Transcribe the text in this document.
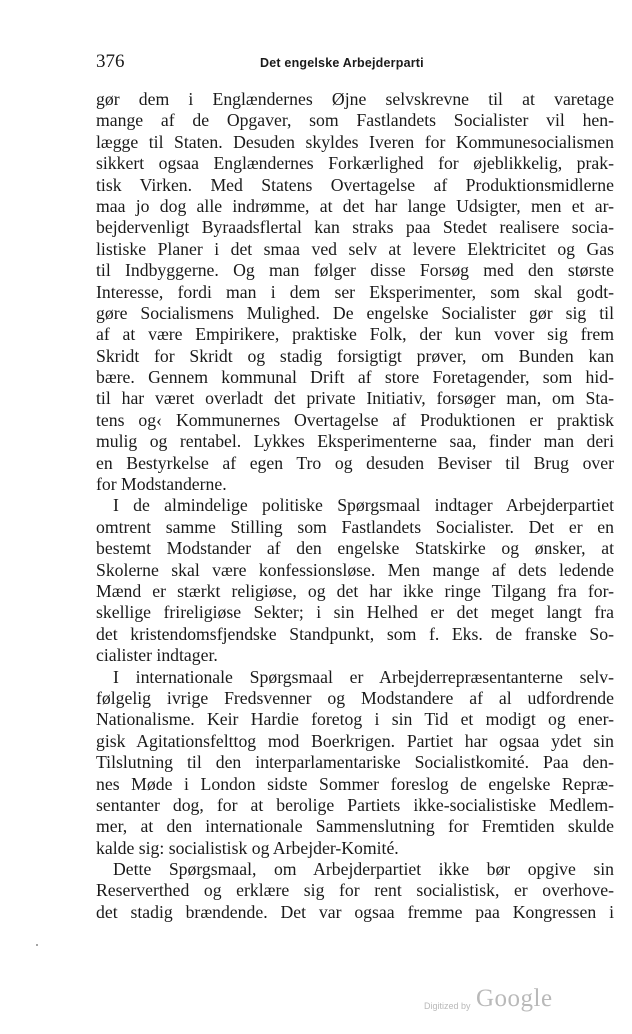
376	Det engelske Arbejderparti
gør dem i Englændernes Øjne selvskrevne til at varetage
mange af de Opgaver, som Fastlandets Socialister vil hen-
lægge til Staten. Desuden skyldes Iveren for Kommunesocialismen
sikkert ogsaa Englændernes Forkærlighed for øjeblikkelig, prak-
tisk Virken. Med Statens Overtagelse af Produktionsmidlerne
maa jo dog alle indrømme, at det har lange Udsigter, men et ar-
bejdervenligt Byraadsflertal kan straks paa Stedet realisere socia-
listiske Planer i det smaa ved selv at levere Elektricitet og Gas
til Indbyggerne. Og man følger disse Forsøg med den største
Interesse, fordi man i dem ser Eksperimenter, som skal godt-
gøre Socialismens Mulighed. De engelske Socialister gør sig til
af at være Empirikere, praktiske Folk, der kun vover sig frem
Skridt for Skridt og stadig forsigtigt prøver, om Bunden kan
bære. Gennem kommunal Drift af store Foretagender, som hid-
til har været overladt det private Initiativ, forsøger man, om Sta-
tens og‹ Kommunernes Overtagelse af Produktionen er praktisk
mulig og rentabel. Lykkes Eksperimenterne saa, finder man deri
en Bestyrkelse af egen Tro og desuden Beviser til Brug over
for Modstanderne.
I de almindelige politiske Spørgsmaal indtager Arbejderpartiet
omtrent samme Stilling som Fastlandets Socialister. Det er en
bestemt Modstander af den engelske Statskirke og ønsker, at
Skolerne skal være konfessionsløse. Men mange af dets ledende
Mænd er stærkt religiøse, og det har ikke ringe Tilgang fra for-
skellige frireligiøse Sekter; i sin Helhed er det meget langt fra
det kristendomsfjendske Standpunkt, som f. Eks. de franske So-
cialister indtager.
I internationale Spørgsmaal er Arbejderrepræsentanterne selv-
følgelig ivrige Fredsvenner og Modstandere af al udfordrende
Nationalisme. Keir Hardie foretog i sin Tid et modigt og ener-
gisk Agitationsfelttog mod Boerkrigen. Partiet har ogsaa ydet sin
Tilslutning til den interparlamentariske Socialistkomité. Paa den-
nes Møde i London sidste Sommer foreslog de engelske Repræ-
sentanter dog, for at berolige Partiets ikke-socialistiske Medlem-
mer, at den internationale Sammenslutning for Fremtiden skulde
kalde sig: socialistisk og Arbejder-Komité.
Dette Spørgsmaal, om Arbejderpartiet ikke bør opgive sin
Reserverthed og erklære sig for rent socialistisk, er overhove-
det stadig brændende. Det var ogsaa fremme paa Kongressen i
Digitized by Google
